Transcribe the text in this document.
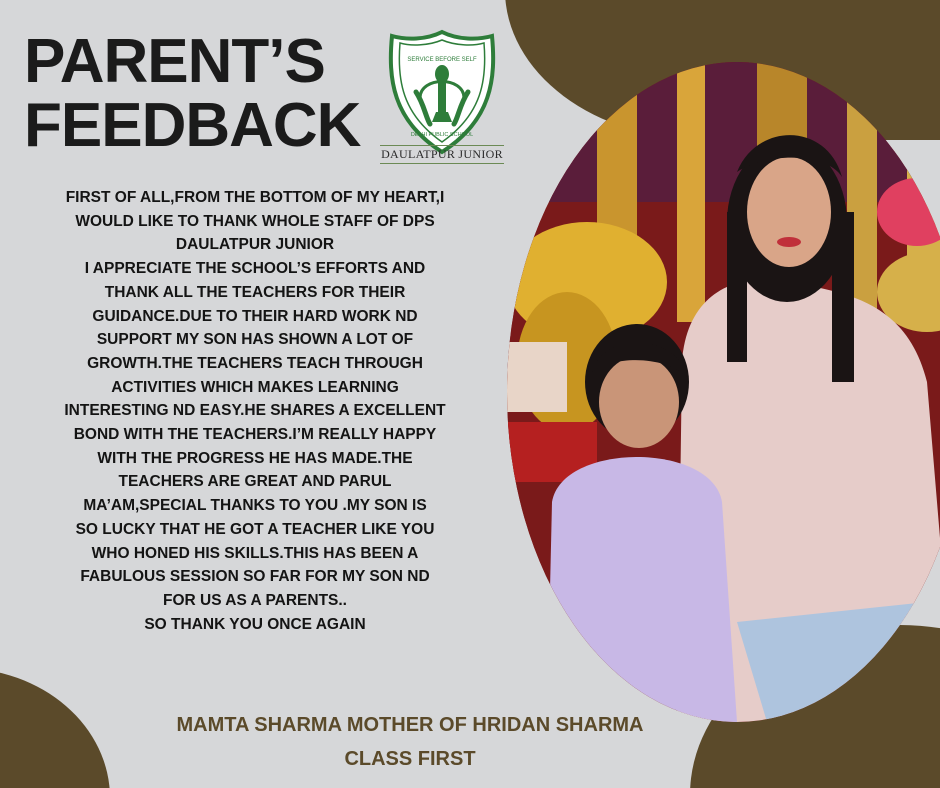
PARENT’S
FEEDBACK
SERVICE BEFORE SELF
DELHI PUBLIC SCHOOL
DAULATPUR JUNIOR
FIRST OF ALL,FROM THE BOTTOM OF MY HEART,I
WOULD LIKE TO THANK WHOLE STAFF OF DPS
DAULATPUR JUNIOR
I APPRECIATE THE SCHOOL’S EFFORTS AND
THANK ALL THE TEACHERS FOR THEIR
GUIDANCE.DUE TO THEIR HARD WORK ND
SUPPORT MY SON HAS SHOWN A LOT OF
GROWTH.THE TEACHERS TEACH THROUGH
ACTIVITIES WHICH MAKES LEARNING
INTERESTING ND EASY.HE SHARES A EXCELLENT
BOND WITH THE TEACHERS.I’M REALLY HAPPY
WITH THE PROGRESS HE HAS MADE.THE
TEACHERS ARE GREAT AND PARUL
MA’AM,SPECIAL THANKS TO YOU .MY SON IS
SO LUCKY THAT HE GOT A TEACHER LIKE YOU
WHO HONED HIS SKILLS.THIS HAS BEEN A
FABULOUS SESSION SO FAR FOR MY SON ND
FOR US AS A PARENTS..
SO THANK YOU ONCE AGAIN
MAMTA SHARMA MOTHER OF HRIDAN SHARMA
CLASS FIRST
